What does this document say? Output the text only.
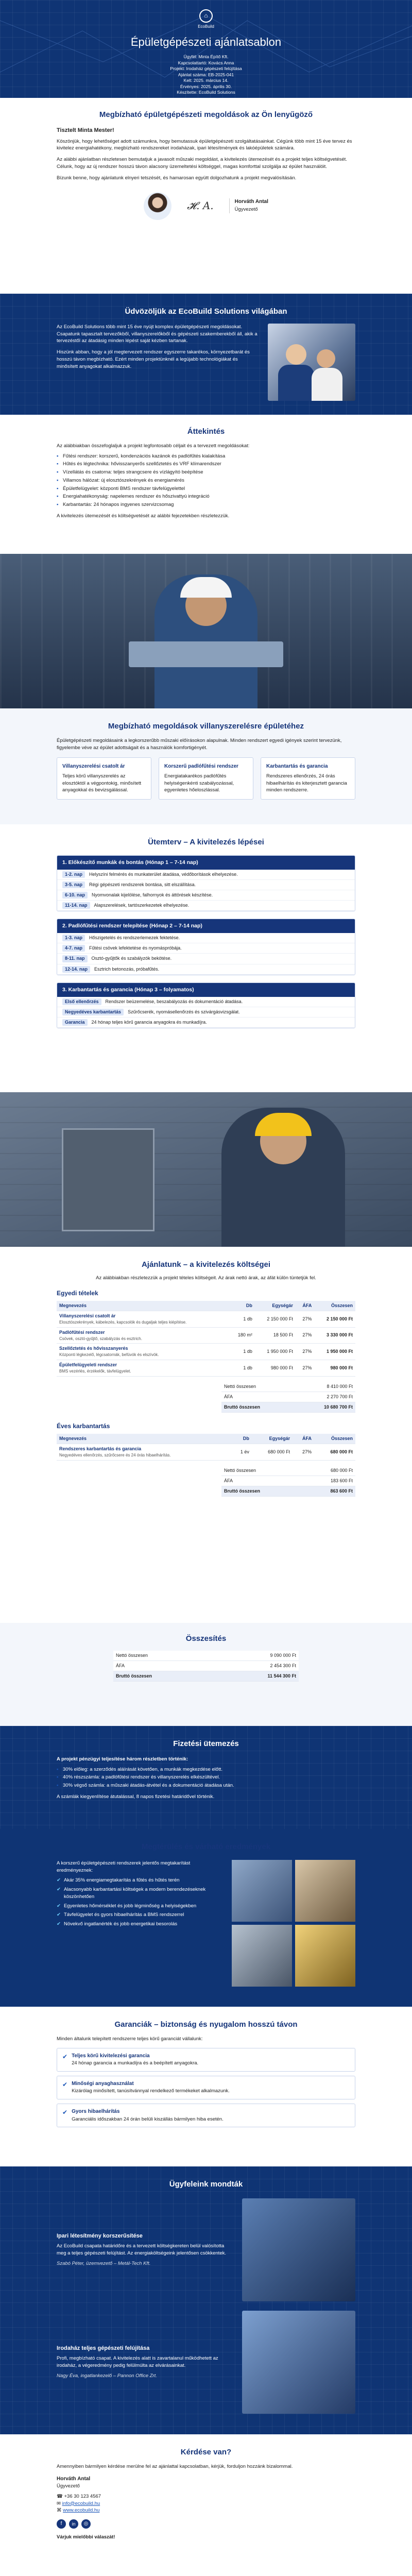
⌂
EcoBuild
Épületgépészeti ajánlatsablon
Ügyfél: Minta Építő Kft.
Kapcsolattartó: Kovács Anna
Projekt: Irodaház gépészeti felújítása
Ajánlat száma: EB-2025-041
Kelt: 2025. március 14.
Érvényes: 2025. április 30.
Készítette: EcoBuild Solutions
Megbízható épületgépészeti megoldások az Ön lenyűgöző
Tisztelt Minta Mester!

Köszönjük, hogy lehetőséget adott számunkra, hogy bemutassuk épületgépészeti szolgáltatásainkat. Cégünk több mint 15 éve tervez és kivitelez energiahatékony, megbízható rendszereket irodaházak, ipari létesítmények és lakóépületek számára.

Az alábbi ajánlatban részletesen bemutatjuk a javasolt műszaki megoldást, a kivitelezés ütemezését és a projekt teljes költségvetését. Célunk, hogy az új rendszer hosszú távon alacsony üzemeltetési költséggel, magas komforttal szolgálja az épület használóit.

Bízunk benne, hogy ajánlatunk elnyeri tetszését, és hamarosan együtt dolgozhatunk a projekt megvalósításán.

𝓗. A.	Horváth Antal
Ügyvezető
Üdvözöljük az EcoBuild Solutions világában

Az EcoBuild Solutions több mint 15 éve nyújt komplex épületgépészeti megoldásokat. Csapatunk tapasztalt tervezőkből, villanyszerelőkből és gépészeti szakemberekből áll, akik a tervezéstől az átadásig minden lépést saját kézben tartanak.

Hiszünk abban, hogy a jól megtervezett rendszer egyszerre takarékos, környezetbarát és hosszú távon megbízható. Ezért minden projektünknél a legújabb technológiákat és minősített anyagokat alkalmazzuk.

Áttekintés
Az alábbiakban összefoglaljuk a projekt legfontosabb céljait és a tervezett megoldásokat:
▪ Fűtési rendszer: korszerű, kondenzációs kazánok és padlófűtés kialakítása
▪ Hűtés és légtechnika: hővisszanyerős szellőztetés és VRF klímarendszer
▪ Vízellátás és csatorna: teljes strangcsere és vízlágyító beépítése
▪ Villamos hálózat: új elosztószekrények és energiamérés
▪ Épületfelügyelet: központi BMS rendszer távfelügyelettel
▪ Energiahatékonyság: napelemes rendszer és hőszivattyú integráció
▪ Karbantartás: 24 hónapos ingyenes szervizcsomag
A kivitelezés ütemezését és költségvetését az alábbi fejezetekben részletezzük.
Megbízható megoldások villanyszerelésre épületéhez
Épületgépészeti megoldásaink a legkorszerűbb műszaki előírásokon alapulnak. Minden rendszert egyedi igények szerint tervezünk, figyelembe véve az épület adottságait és a használók komfortigényét.
Villanyszerelési csatolt ár
Teljes körű villanyszerelés az elosztóktól a végpontokig, minősített anyagokkal és bevizsgálással.
Korszerű padlófűtési rendszer
Energiatakarékos padlófűtés helyiségenkénti szabályozással, egyenletes hőeloszlással.
Karbantartás és garancia
Rendszeres ellenőrzés, 24 órás hibaelhárítás és kiterjesztett garancia minden rendszerre.
Ütemterv – A kivitelezés lépései
1. Előkészítő munkák és bontás (Hónap 1 – 7-14 nap)
1-2. nap	Helyszíni felmérés és munkaterület átadása, védőborítások elhelyezése.
3-5. nap	Régi gépészeti rendszerek bontása, sitt elszállítása.
6-10. nap	Nyomvonalak kijelölése, falhornyok és áttörések készítése.
11-14. nap	Alapszerelések, tartószerkezetek elhelyezése.
2. Padlófűtési rendszer telepítése (Hónap 2 – 7-14 nap)
1-3. nap	Hőszigetelés és rendszerlemezek fektetése.
4-7. nap	Fűtési csövek lefektetése és nyomáspróbája.
8-11. nap	Osztó-gyűjtők és szabályzók bekötése.
12-14. nap	Esztrich betonozás, próbafűtés.
3. Karbantartás és garancia (Hónap 3 – folyamatos)
Első ellenőrzés	Rendszer beüzemelése, beszabályozás és dokumentáció átadása.
Negyedéves karbantartás	Szűrőcserék, nyomásellenőrzés és szivárgásvizsgálat.
Garancia	24 hónap teljes körű garancia anyagokra és munkadíjra.
Ajánlatunk – a kivitelezés költségei
Az alábbiakban részletezzük a projekt tételes költségeit. Az árak nettó árak, az áfát külön tüntetjük fel.
Egyedi tételek
Megnevezés	Db	Egységár	ÁFA	Összesen

Villanyszerelési csatolt ár
Elosztószekrények, kábelezés, kapcsolók és dugaljak teljes kiépítése.	1 db	2 150 000 Ft	27%	2 150 000 Ft

Padlófűtési rendszer
Csövek, osztó-gyűjtő, szabályzás és esztrich.	180 m²	18 500 Ft	27%	3 330 000 Ft

Szellőztetés és hővisszanyerés
Központi légkezelő, légcsatornák, befúvók és elszívók.	1 db	1 950 000 Ft	27%	1 950 000 Ft

Épületfelügyeleti rendszer
BMS vezérlés, érzékelők, távfelügyelet.	1 db	980 000 Ft	27%	980 000 Ft
Nettó összesen	8 410 000 Ft
ÁFA	2 270 700 Ft
Bruttó összesen	10 680 700 Ft
Éves karbantartás
Megnevezés	Db	Egységár	ÁFA	Összesen

Rendszeres karbantartás és garancia
Negyedéves ellenőrzés, szűrőcsere és 24 órás hibaelhárítás.	1 év	680 000 Ft	27%	680 000 Ft
Nettó összesen	680 000 Ft
ÁFA	183 600 Ft
Bruttó összesen	863 600 Ft
Összesítés
Nettó összesen	9 090 000 Ft
ÁFA	2 454 300 Ft
Bruttó összesen	11 544 300 Ft
Fizetési ütemezés
A projekt pénzügyi teljesítése három részletben történik:
▪ 30% előleg: a szerződés aláírását követően, a munkák megkezdése előtt.
▪ 40% részszámla: a padlófűtési rendszer és villanyszerelés elkészültével.
▪ 30% végső számla: a műszaki átadás-átvétel és a dokumentáció átadása után.
A számlák kiegyenlítése átutalással, 8 napos fizetési határidővel történik.
Megtérülés és várható eredmények
A korszerű épületgépészeti rendszerek jelentős megtakarítást eredményeznek:
✔ Akár 35% energiamegtakarítás a fűtés és hűtés terén
✔ Alacsonyabb karbantartási költségek a modern berendezéseknek köszönhetően
✔ Egyenletes hőmérséklet és jobb légminőség a helyiségekben
✔ Távfelügyelet és gyors hibaelhárítás a BMS rendszerrel
✔ Növekvő ingatlanérték és jobb energetikai besorolás
Garanciák – biztonság és nyugalom hosszú távon
Minden általunk telepített rendszerre teljes körű garanciát vállalunk:
✔ Teljes körű kivitelezési garancia
24 hónap garancia a munkadíjra és a beépített anyagokra.
✔ Minőségi anyaghasználat
Kizárólag minősített, tanúsítvánnyal rendelkező termékeket alkalmazunk.
✔ Gyors hibaelhárítás
Garanciális időszakban 24 órán belüli kiszállás bármilyen hiba esetén.
Ügyfeleink mondták
Ipari létesítmény korszerűsítése
Az EcoBuild csapata határidőre és a tervezett költségkereten belül valósította meg a teljes gépészeti felújítást. Az energiaköltségeink jelentősen csökkentek.
Szabó Péter, üzemvezető – Metál-Tech Kft.
Irodaház teljes gépészeti felújítása
Profi, megbízható csapat. A kivitelezés alatt is zavartalanul működhetett az irodaház, a végeredmény pedig felülmúlta az elvárásainkat.
Nagy Éva, ingatlankezelő – Pannon Office Zrt.
Kérdése van?
Amennyiben bármilyen kérdése merülne fel az ajánlattal kapcsolatban, kérjük, forduljon hozzánk bizalommal.
Horváth Antal
Ügyvezető
☎ +36 30 123 4567
✉ info@ecobuild.hu
⌘ www.ecobuild.hu
f	in	◎
Várjuk mielőbbi válaszát!
